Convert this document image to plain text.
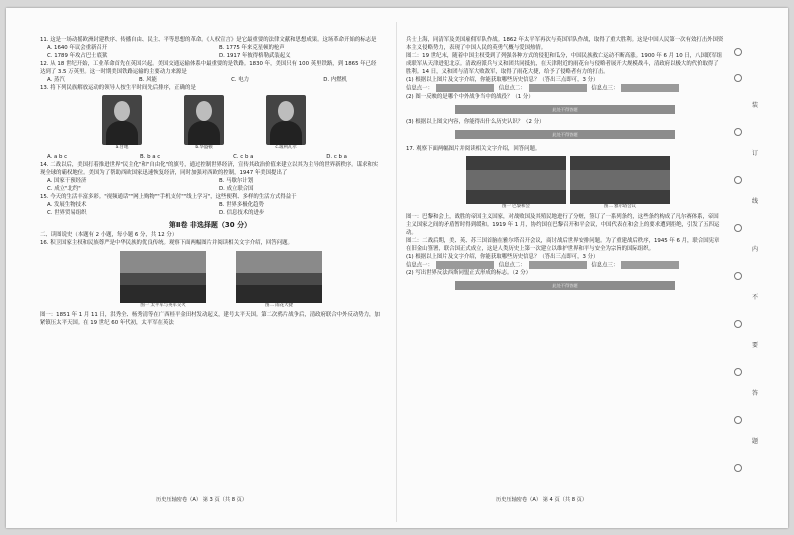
11. 这是一场动摇欧洲封建秩序、传播自由、民主、平等思想的革命。《人权宣言》是它最重要的法律文献和思想成果。这场革命开始的标志是

A. 1640 年议会重新召开	B. 1775 年来克星顿的枪声
C. 1789 年攻占巴士底狱	D. 1917 年彼得格勒武装起义

12. 从 18 世纪开始，工业革命首先在英国兴起。美国交通运输体系中最重要的是铁路。1830 年，美国只有 100 英里铁路，到 1865 年已经达到了 3.5 万英里。这一时期美国铁路运输的主要动力来源是

A. 蒸汽	B. 风能	C. 电力	D. 内燃机

13. 将下列民族解放运动的领导人按生平时间先后排序，正确的是

a.甘地	b.华盛顿	c.玻利瓦尔
A. a b c	B. b a c	C. c b a	D. c b a

14. 二战以后，美国打着推进世界"民主化"和"自由化"的旗号，通过控制世界经济，宣传其政治价值来建立以其为主导的世界新秩序。谋求和实现全球的霸权地位。美国为了帮助西欧国家迅速恢复经济，同时加强对西欧的控制，1947 年美国提出了

A. 国家干预经济	B. 马歇尔计划
C. 成立"北约"	D. 成立联合国

15. 今天的生活丰富多彩。"视频通话""网上购物""手机支付""线上学习"，这些便利、多样的生活方式得益于

A. 发展生物技术	B. 世界多极化趋势
C. 世界贸易组织	D. 信息技术的进步
第Ⅱ卷 非选择题（30 分）

二、读图说史（本题有 2 小题，每小题 6 分，共 12 分）

16. 积卫国家主权和民族尊严是中华民族的优良传统。观察下面两幅图片并阅读相关文字介绍，回答问题。

图一 太平军与英军交火	图二 雨花大捷

图一：1851 年 1 月 11 日，洪秀全、杨秀清等在广西桂平金田村发动起义，建号太平天国。第二次鸦片战争后，清政府联合中外反动势力，加紧镇压太平天国。在 19 世纪 60 年代初，太平军在英法

历史压轴密卷（A） 第 3 页（共 8 页）

兵士上海，同清军及美国雇佣军队作战。1862 年太平军再次与英国军队作战，取得了重大胜利。这是中国人民第一次有效打击外国资本主义侵略势力，表现了中国人民的英勇气概与爱国热情。

图二：19 世纪末，随着中国主权受到了列强各种方式的侵犯和瓜分，中国民族救亡运动不断高涨。1900 年 6 月 10 日，八国联军组成联军从天津进犯北京。清政府派兵与义和团共同抵抗，在天津附近的雨花台与侵略者展开大规模战斗，清政府以极大的代价取得了胜利。14 日，义和团与清军大败敌军，取得了雨花大捷，给予了侵略者有力的打击。

(1) 根据以上图片及文字介绍，你能获取哪些历史信息？（答出三点即可，3 分）

信息点一：	信息点二：	信息点三：

(2) 图一反映的是哪个中外战争当中的战役？（1 分）

此处不得答题

(3) 根据以上图文内容，你能得出什么历史认识？（2 分）

此处不得答题

17. 观察下面两幅图片并阅读相关文字介绍，回答问题。

图一 巴黎和会	图二 雅尔塔会议

图一：巴黎和会上，战胜的帝国主义国家，对战败国及其殖民地进行了分赃，签订了一系列条约，这些条约构成了凡尔赛体系，帝国主义国家之间的矛盾暂时得到缓和。1919 年 1 月，协约国在巴黎召开和平会议，中国代表在和会上的要求遭到拒绝，引发了五四运动。

图二：二战后期，美、英、苏三国首脑在雅尔塔召开会议，商讨战后世界安排问题。为了重建战后秩序，1945 年 6 月，联合国宪章在旧金山签署，联合国正式成立，这是人类历史上第一次建立以维护世界和平与安全为宗旨的国际组织。

(1) 根据以上图片及文字介绍，你能获取哪些历史信息？（答出三点即可，3 分）

信息点一：	信息点二：	信息点三：

(2) 写出世界反法西斯同盟正式形成的标志。（2 分）

此处不得答题
历史压轴密卷（A） 第 4 页（共 8 页）
装
订
线
内
不
要
答
题
